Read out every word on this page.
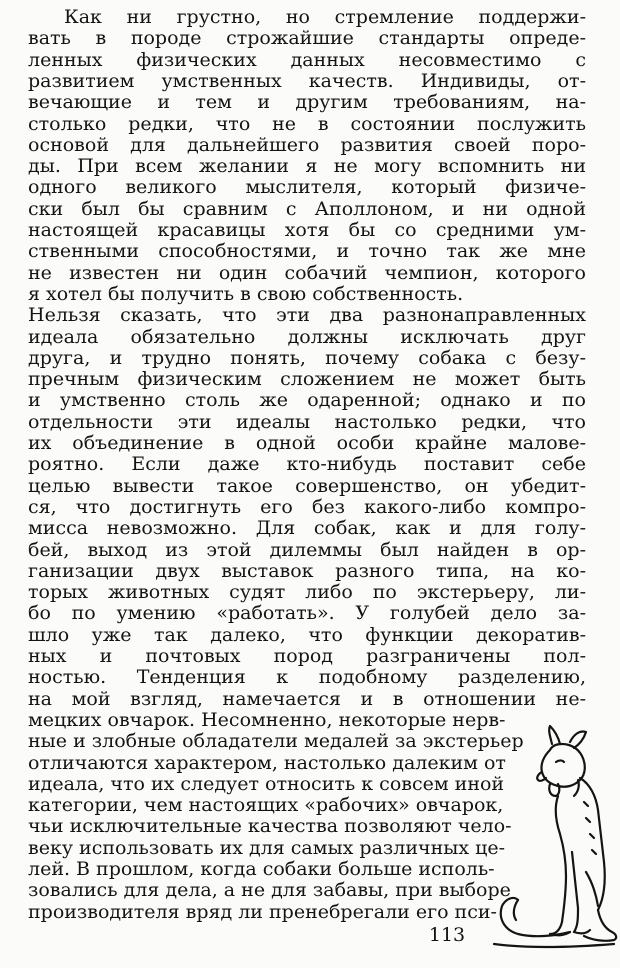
Как ни грустно, но стремление поддержи-
вать в породе строжайшие стандарты опреде-
ленных физических данных несовместимо с
развитием умственных качеств. Индивиды, от-
вечающие и тем и другим требованиям, на-
столько редки, что не в состоянии послужить
основой для дальнейшего развития своей поро-
ды. При всем желании я не могу вспомнить ни
одного великого мыслителя, который физиче-
ски был бы сравним с Аполлоном, и ни одной
настоящей красавицы хотя бы со средними ум-
ственными способностями, и точно так же мне
не известен ни один собачий чемпион, которого
я хотел бы получить в свою собственность.
Нельзя сказать, что эти два разнонаправленных
идеала обязательно должны исключать друг
друга, и трудно понять, почему собака с безу-
пречным физическим сложением не может быть
и умственно столь же одаренной; однако и по
отдельности эти идеалы настолько редки, что
их объединение в одной особи крайне малове-
роятно. Если даже кто-нибудь поставит себе
целью вывести такое совершенство, он убедит-
ся, что достигнуть его без какого-либо компро-
мисса невозможно. Для собак, как и для голу-
бей, выход из этой дилеммы был найден в ор-
ганизации двух выставок разного типа, на ко-
торых животных судят либо по экстерьеру, ли-
бо по умению «работать». У голубей дело за-
шло уже так далеко, что функции декоратив-
ных и почтовых пород разграничены пол-
ностью. Тенденция к подобному разделению,
на мой взгляд, намечается и в отношении не-
мецких овчарок. Несомненно, некоторые нерв-
ные и злобные обладатели медалей за экстерьер
отличаются характером, настолько далеким от
идеала, что их следует относить к совсем иной
категории, чем настоящих «рабочих» овчарок,
чьи исключительные качества позволяют чело-
веку использовать их для самых различных це-
лей. В прошлом, когда собаки больше исполь-
зовались для дела, а не для забавы, при выборе
производителя вряд ли пренебрегали его пси-
113
